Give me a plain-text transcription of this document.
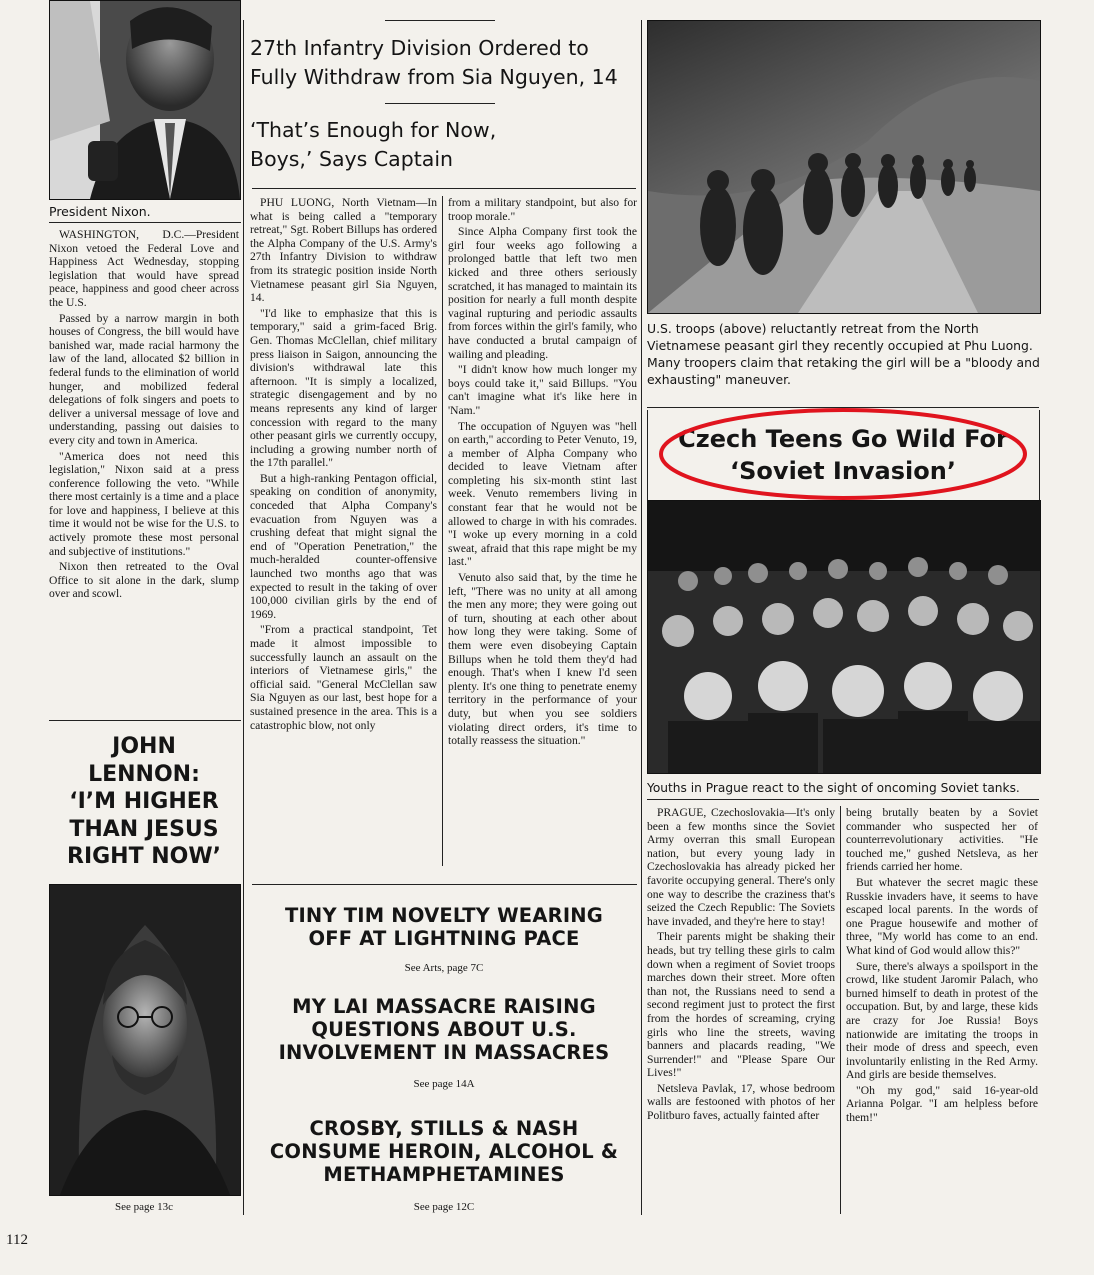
President Nixon.

WASHINGTON, D.C.—President Nixon vetoed the Federal Love and Happiness Act Wednesday, stopping legislation that would have spread peace, happiness and good cheer across the U.S.

Passed by a narrow margin in both houses of Congress, the bill would have banished war, made racial harmony the law of the land, allocated $2 billion in federal funds to the elimination of world hunger, and mobilized federal delegations of folk singers and poets to deliver a universal message of love and understanding, passing out daisies to every city and town in America.

"America does not need this legislation," Nixon said at a press conference following the veto. "While there most certainly is a time and a place for love and happiness, I believe at this time it would not be wise for the U.S. to actively promote these most personal and subjective of institutions."

Nixon then retreated to the Oval Office to sit alone in the dark, slump over and scowl.

JOHN
LENNON:
‘I’M HIGHER
THAN JESUS
RIGHT NOW’
See page 13c
27th Infantry Division Ordered to Fully Withdraw from Sia Nguyen, 14
‘That’s Enough for Now, Boys,’ Says Captain

PHU LUONG, North Vietnam—In what is being called a "temporary retreat," Sgt. Robert Billups has ordered the Alpha Company of the U.S. Army's 27th Infantry Division to withdraw from its strategic position inside North Vietnamese peasant girl Sia Nguyen, 14.

"I'd like to emphasize that this is temporary," said a grim-faced Brig. Gen. Thomas McClellan, chief military press liaison in Saigon, announcing the division's withdrawal late this afternoon. "It is simply a localized, strategic disengagement and by no means represents any kind of larger concession with regard to the many other peasant girls we currently occupy, including a growing number north of the 17th parallel."

But a high-ranking Pentagon official, speaking on condition of anonymity, conceded that Alpha Company's evacuation from Nguyen was a crushing defeat that might signal the end of "Operation Penetration," the much-heralded counter-offensive launched two months ago that was expected to result in the taking of over 100,000 civilian girls by the end of 1969.

"From a practical standpoint, Tet made it almost impossible to successfully launch an assault on the interiors of Vietnamese girls," the official said. "General McClellan saw Sia Nguyen as our last, best hope for a sustained presence in the area. This is a catastrophic blow, not only

from a military standpoint, but also for troop morale."

Since Alpha Company first took the girl four weeks ago following a prolonged battle that left two men kicked and three others seriously scratched, it has managed to maintain its position for nearly a full month despite vaginal rupturing and periodic assaults from forces within the girl's family, who have conducted a brutal campaign of wailing and pleading.

"I didn't know how much longer my boys could take it," said Billups. "You can't imagine what it's like here in 'Nam."

The occupation of Nguyen was "hell on earth," according to Peter Venuto, 19, a member of Alpha Company who decided to leave Vietnam after completing his six-month stint last week. Venuto remembers living in constant fear that he would not be allowed to charge in with his comrades. "I woke up every morning in a cold sweat, afraid that this rape might be my last."

Venuto also said that, by the time he left, "There was no unity at all among the men any more; they were going out of turn, shouting at each other about how long they were taking. Some of them were even disobeying Captain Billups when he told them they'd had enough. That's when I knew I'd seen plenty. It's one thing to penetrate enemy territory in the performance of your duty, but when you see soldiers violating direct orders, it's time to totally reassess the situation."

TINY TIM NOVELTY WEARING OFF AT LIGHTNING PACE
See Arts, page 7C
MY LAI MASSACRE RAISING QUESTIONS ABOUT U.S. INVOLVEMENT IN MASSACRES
See page 14A
CROSBY, STILLS & NASH CONSUME HEROIN, ALCOHOL & METHAMPHETAMINES
See page 12C
U.S. troops (above) reluctantly retreat from the North Vietnamese peasant girl they recently occupied at Phu Luong. Many troopers claim that retaking the girl will be a "bloody and exhausting" maneuver.
Czech Teens Go Wild For
‘Soviet Invasion’
Youths in Prague react to the sight of oncoming Soviet tanks.

PRAGUE, Czechoslovakia—It's only been a few months since the Soviet Army overran this small European nation, but every young lady in Czechoslovakia has already picked her favorite occupying general. There's only one way to describe the craziness that's seized the Czech Republic: The Soviets have invaded, and they're here to stay!

Their parents might be shaking their heads, but try telling these girls to calm down when a regiment of Soviet troops marches down their street. More often than not, the Russians need to send a second regiment just to protect the first from the hordes of screaming, crying girls who line the streets, waving banners and placards reading, "We Surrender!" and "Please Spare Our Lives!"

Netsleva Pavlak, 17, whose bedroom walls are festooned with photos of her Politburo faves, actually fainted after

being brutally beaten by a Soviet commander who suspected her of counterrevolutionary activities. "He touched me," gushed Netsleva, as her friends carried her home.

But whatever the secret magic these Russkie invaders have, it seems to have escaped local parents. In the words of one Prague housewife and mother of three, "My world has come to an end. What kind of God would allow this?"

Sure, there's always a spoilsport in the crowd, like student Jaromir Palach, who burned himself to death in protest of the occupation. But, by and large, these kids are crazy for Joe Russia! Boys nationwide are imitating the troops in their mode of dress and speech, even involuntarily enlisting in the Red Army. And girls are beside themselves.

"Oh my god," said 16-year-old Arianna Polgar. "I am helpless before them!"

112
